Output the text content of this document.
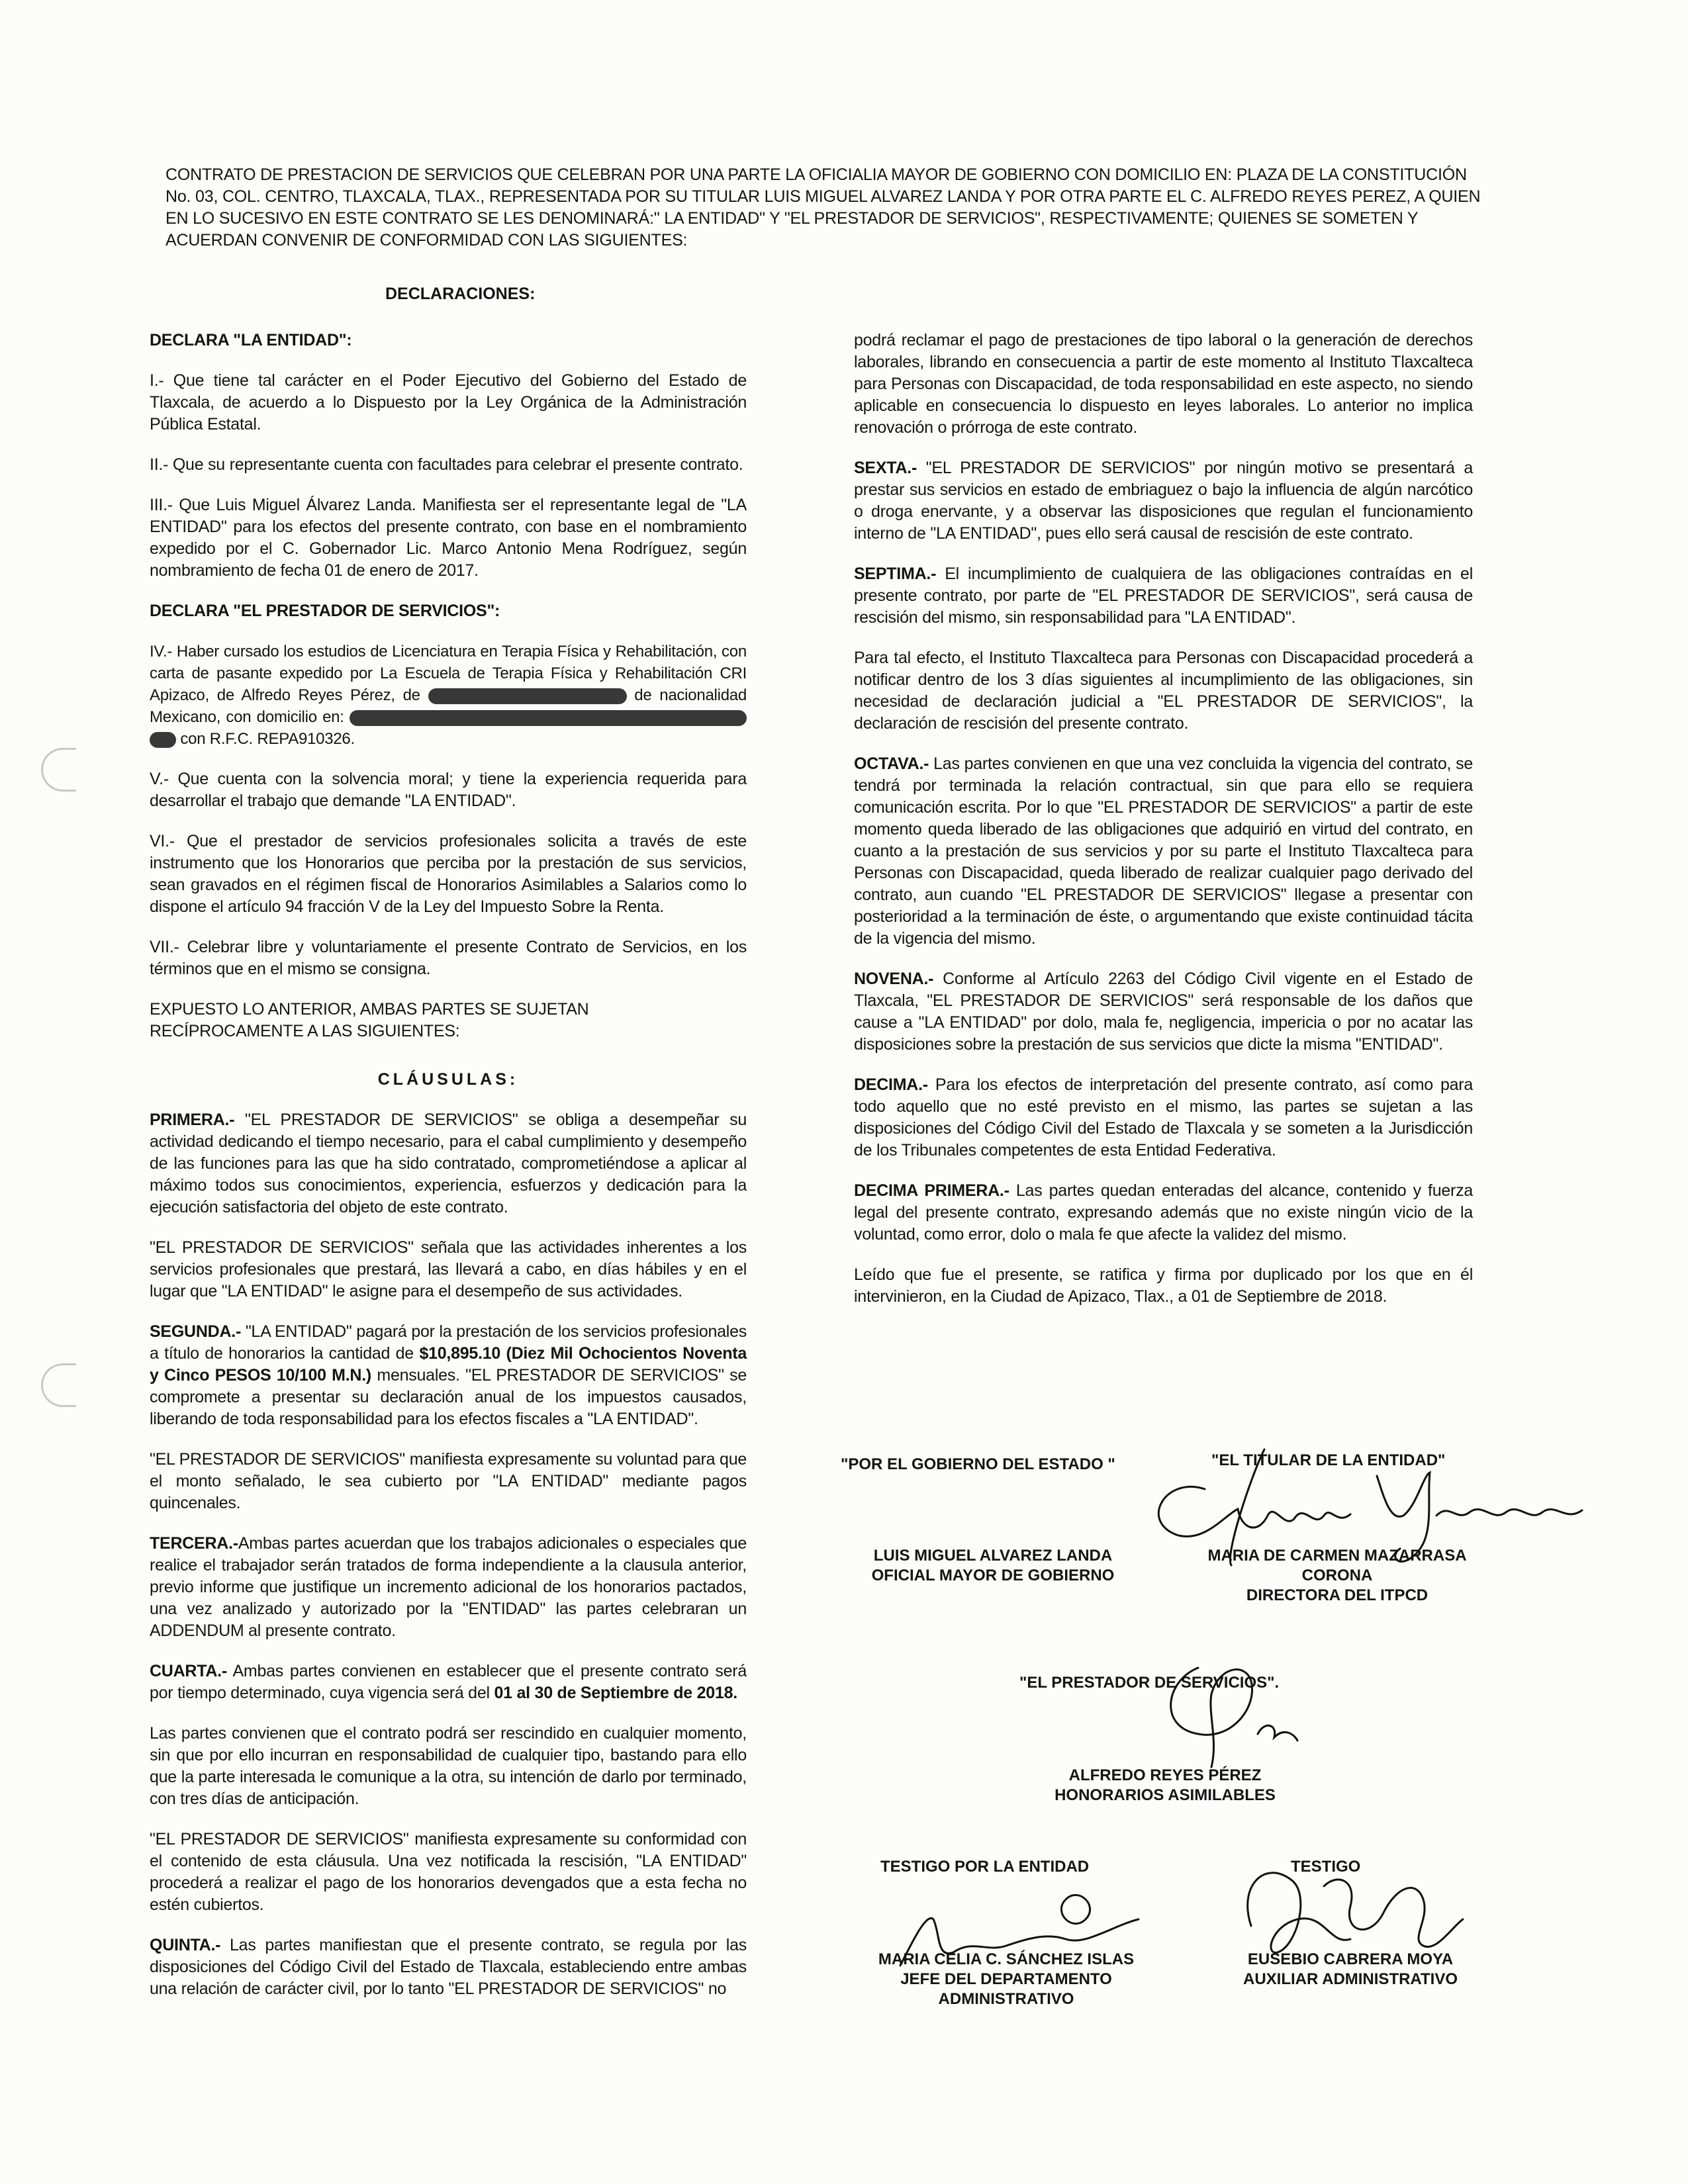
CONTRATO DE PRESTACION DE SERVICIOS QUE CELEBRAN POR UNA PARTE LA OFICIALIA MAYOR DE GOBIERNO CON DOMICILIO EN: PLAZA DE LA CONSTITUCIÓN No. 03, COL. CENTRO, TLAXCALA, TLAX., REPRESENTADA POR SU TITULAR LUIS MIGUEL ALVAREZ LANDA Y POR OTRA PARTE EL C. ALFREDO REYES PEREZ, A QUIEN EN LO SUCESIVO EN ESTE CONTRATO SE LES DENOMINARÁ:" LA ENTIDAD" Y "EL PRESTADOR DE SERVICIOS", RESPECTIVAMENTE; QUIENES SE SOMETEN Y ACUERDAN CONVENIR DE CONFORMIDAD CON LAS SIGUIENTES:
DECLARACIONES:

DECLARA "LA ENTIDAD":

I.- Que tiene tal carácter en el Poder Ejecutivo del Gobierno del Estado de Tlaxcala, de acuerdo a lo Dispuesto por la Ley Orgánica de la Administración Pública Estatal.

II.- Que su representante cuenta con facultades para celebrar el presente contrato.

III.- Que Luis Miguel Álvarez Landa. Manifiesta ser el representante legal de "LA ENTIDAD" para los efectos del presente contrato, con base en el nombramiento expedido por el C. Gobernador Lic. Marco Antonio Mena Rodríguez, según nombramiento de fecha 01 de enero de 2017.

DECLARA "EL PRESTADOR DE SERVICIOS":

IV.- Haber cursado los estudios de Licenciatura en Terapia Física y Rehabilitación, con carta de pasante expedido por La Escuela de Terapia Física y Rehabilitación CRI Apizaco, de Alfredo Reyes Pérez, de	de nacionalidad Mexicano, con domicilio en:   con R.F.C. REPA910326.

V.- Que cuenta con la solvencia moral; y tiene la experiencia requerida para desarrollar el trabajo que demande "LA ENTIDAD".

VI.- Que el prestador de servicios profesionales solicita a través de este instrumento que los Honorarios que perciba por la prestación de sus servicios, sean gravados en el régimen fiscal de Honorarios Asimilables a Salarios como lo dispone el artículo 94 fracción V de la Ley del Impuesto Sobre la Renta.

VII.- Celebrar libre y voluntariamente el presente Contrato de Servicios, en los términos que en el mismo se consigna.

EXPUESTO LO ANTERIOR, AMBAS PARTES SE SUJETAN RECÍPROCAMENTE A LAS SIGUIENTES:

CLÁUSULAS:

PRIMERA.- "EL PRESTADOR DE SERVICIOS" se obliga a desempeñar su actividad dedicando el tiempo necesario, para el cabal cumplimiento y desempeño de las funciones para las que ha sido contratado, comprometiéndose a aplicar al máximo todos sus conocimientos, experiencia, esfuerzos y dedicación para la ejecución satisfactoria del objeto de este contrato.

"EL PRESTADOR DE SERVICIOS" señala que las actividades inherentes a los servicios profesionales que prestará, las llevará a cabo, en días hábiles y en el lugar que "LA ENTIDAD" le asigne para el desempeño de sus actividades.

SEGUNDA.- "LA ENTIDAD" pagará por la prestación de los servicios profesionales a título de honorarios la cantidad de $10,895.10 (Diez Mil Ochocientos Noventa y Cinco PESOS 10/100 M.N.) mensuales. "EL PRESTADOR DE SERVICIOS" se compromete a presentar su declaración anual de los impuestos causados, liberando de toda responsabilidad para los efectos fiscales a "LA ENTIDAD".

"EL PRESTADOR DE SERVICIOS" manifiesta expresamente su voluntad para que el monto señalado, le sea cubierto por "LA ENTIDAD" mediante pagos quincenales.

TERCERA.-Ambas partes acuerdan que los trabajos adicionales o especiales que realice el trabajador serán tratados de forma independiente a la clausula anterior, previo informe que justifique un incremento adicional de los honorarios pactados, una vez analizado y autorizado por la "ENTIDAD" las partes celebraran un ADDENDUM al presente contrato.

CUARTA.- Ambas partes convienen en establecer que el presente contrato será por tiempo determinado, cuya vigencia será del 01 al 30 de Septiembre de 2018.

Las partes convienen que el contrato podrá ser rescindido en cualquier momento, sin que por ello incurran en responsabilidad de cualquier tipo, bastando para ello que la parte interesada le comunique a la otra, su intención de darlo por terminado, con tres días de anticipación.

"EL PRESTADOR DE SERVICIOS" manifiesta expresamente su conformidad con el contenido de esta cláusula. Una vez notificada la rescisión, "LA ENTIDAD" procederá a realizar el pago de los honorarios devengados que a esta fecha no estén cubiertos.

QUINTA.- Las partes manifiestan que el presente contrato, se regula por las disposiciones del Código Civil del Estado de Tlaxcala, estableciendo entre ambas una relación de carácter civil, por lo tanto "EL PRESTADOR DE SERVICIOS" no

podrá reclamar el pago de prestaciones de tipo laboral o la generación de derechos laborales, librando en consecuencia a partir de este momento al Instituto Tlaxcalteca para Personas con Discapacidad, de toda responsabilidad en este aspecto, no siendo aplicable en consecuencia lo dispuesto en leyes laborales. Lo anterior no implica renovación o prórroga de este contrato.

SEXTA.- "EL PRESTADOR DE SERVICIOS" por ningún motivo se presentará a prestar sus servicios en estado de embriaguez o bajo la influencia de algún narcótico o droga enervante, y a observar las disposiciones que regulan el funcionamiento interno de "LA ENTIDAD", pues ello será causal de rescisión de este contrato.

SEPTIMA.- El incumplimiento de cualquiera de las obligaciones contraídas en el presente contrato, por parte de "EL PRESTADOR DE SERVICIOS", será causa de rescisión del mismo, sin responsabilidad para "LA ENTIDAD".

Para tal efecto, el Instituto Tlaxcalteca para Personas con Discapacidad procederá a notificar dentro de los 3 días siguientes al incumplimiento de las obligaciones, sin necesidad de declaración judicial a "EL PRESTADOR DE SERVICIOS", la declaración de rescisión del presente contrato.

OCTAVA.- Las partes convienen en que una vez concluida la vigencia del contrato, se tendrá por terminada la relación contractual, sin que para ello se requiera comunicación escrita. Por lo que "EL PRESTADOR DE SERVICIOS" a partir de este momento queda liberado de las obligaciones que adquirió en virtud del contrato, en cuanto a la prestación de sus servicios y por su parte el Instituto Tlaxcalteca para Personas con Discapacidad, queda liberado de realizar cualquier pago derivado del contrato, aun cuando "EL PRESTADOR DE SERVICIOS" llegase a presentar con posterioridad a la terminación de éste, o argumentando que existe continuidad tácita de la vigencia del mismo.

NOVENA.- Conforme al Artículo 2263 del Código Civil vigente en el Estado de Tlaxcala, "EL PRESTADOR DE SERVICIOS" será responsable de los daños que cause a "LA ENTIDAD" por dolo, mala fe, negligencia, impericia o por no acatar las disposiciones sobre la prestación de sus servicios que dicte la misma "ENTIDAD".

DECIMA.- Para los efectos de interpretación del presente contrato, así como para todo aquello que no esté previsto en el mismo, las partes se sujetan a las disposiciones del Código Civil del Estado de Tlaxcala y se someten a la Jurisdicción de los Tribunales competentes de esta Entidad Federativa.

DECIMA PRIMERA.- Las partes quedan enteradas del alcance, contenido y fuerza legal del presente contrato, expresando además que no existe ningún vicio de la voluntad, como error, dolo o mala fe que afecte la validez del mismo.

Leído que fue el presente, se ratifica y firma por duplicado por los que en él intervinieron, en la Ciudad de Apizaco, Tlax., a 01 de Septiembre de 2018.

"POR EL GOBIERNO DEL ESTADO "	"EL TITULAR DE LA ENTIDAD"
LUIS MIGUEL ALVAREZ LANDA
OFICIAL MAYOR DE GOBIERNO
MARIA DE CARMEN MAZARRASA
CORONA
DIRECTORA DEL ITPCD
"EL PRESTADOR DE SERVICIOS".
ALFREDO REYES PÉREZ
HONORARIOS ASIMILABLES
TESTIGO POR LA ENTIDAD	TESTIGO
MARIA CELIA C. SÁNCHEZ ISLAS
JEFE DEL DEPARTAMENTO
ADMINISTRATIVO
EUSEBIO CABRERA MOYA
AUXILIAR ADMINISTRATIVO
